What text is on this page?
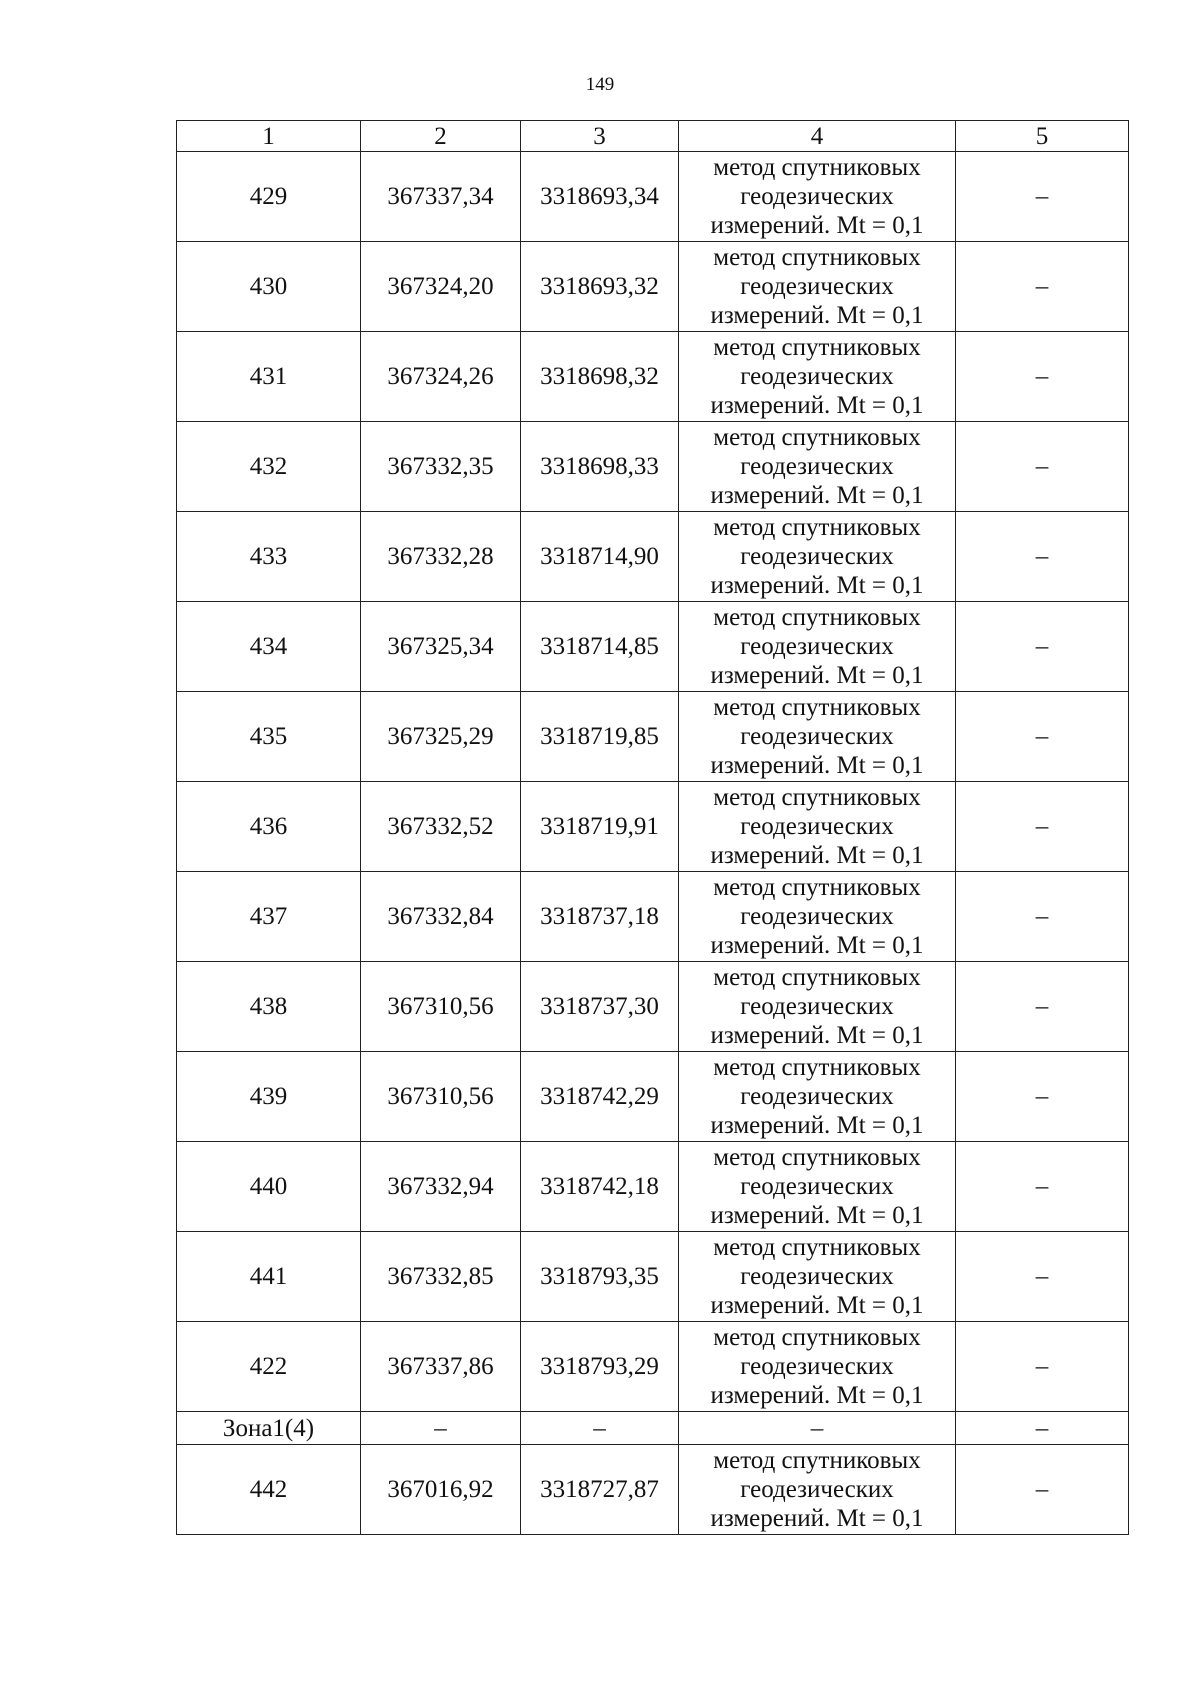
149
1	2	3	4	5
429	367337,34	3318693,34	метод спутниковых
геодезических
измерений. Mt = 0,1	–
430	367324,20	3318693,32	метод спутниковых
геодезических
измерений. Mt = 0,1	–
431	367324,26	3318698,32	метод спутниковых
геодезических
измерений. Mt = 0,1	–
432	367332,35	3318698,33	метод спутниковых
геодезических
измерений. Mt = 0,1	–
433	367332,28	3318714,90	метод спутниковых
геодезических
измерений. Mt = 0,1	–
434	367325,34	3318714,85	метод спутниковых
геодезических
измерений. Mt = 0,1	–
435	367325,29	3318719,85	метод спутниковых
геодезических
измерений. Mt = 0,1	–
436	367332,52	3318719,91	метод спутниковых
геодезических
измерений. Mt = 0,1	–
437	367332,84	3318737,18	метод спутниковых
геодезических
измерений. Mt = 0,1	–
438	367310,56	3318737,30	метод спутниковых
геодезических
измерений. Mt = 0,1	–
439	367310,56	3318742,29	метод спутниковых
геодезических
измерений. Mt = 0,1	–
440	367332,94	3318742,18	метод спутниковых
геодезических
измерений. Mt = 0,1	–
441	367332,85	3318793,35	метод спутниковых
геодезических
измерений. Mt = 0,1	–
422	367337,86	3318793,29	метод спутниковых
геодезических
измерений. Mt = 0,1	–
Зона1(4)	–	–	–	–
442	367016,92	3318727,87	метод спутниковых
геодезических
измерений. Mt = 0,1	–
